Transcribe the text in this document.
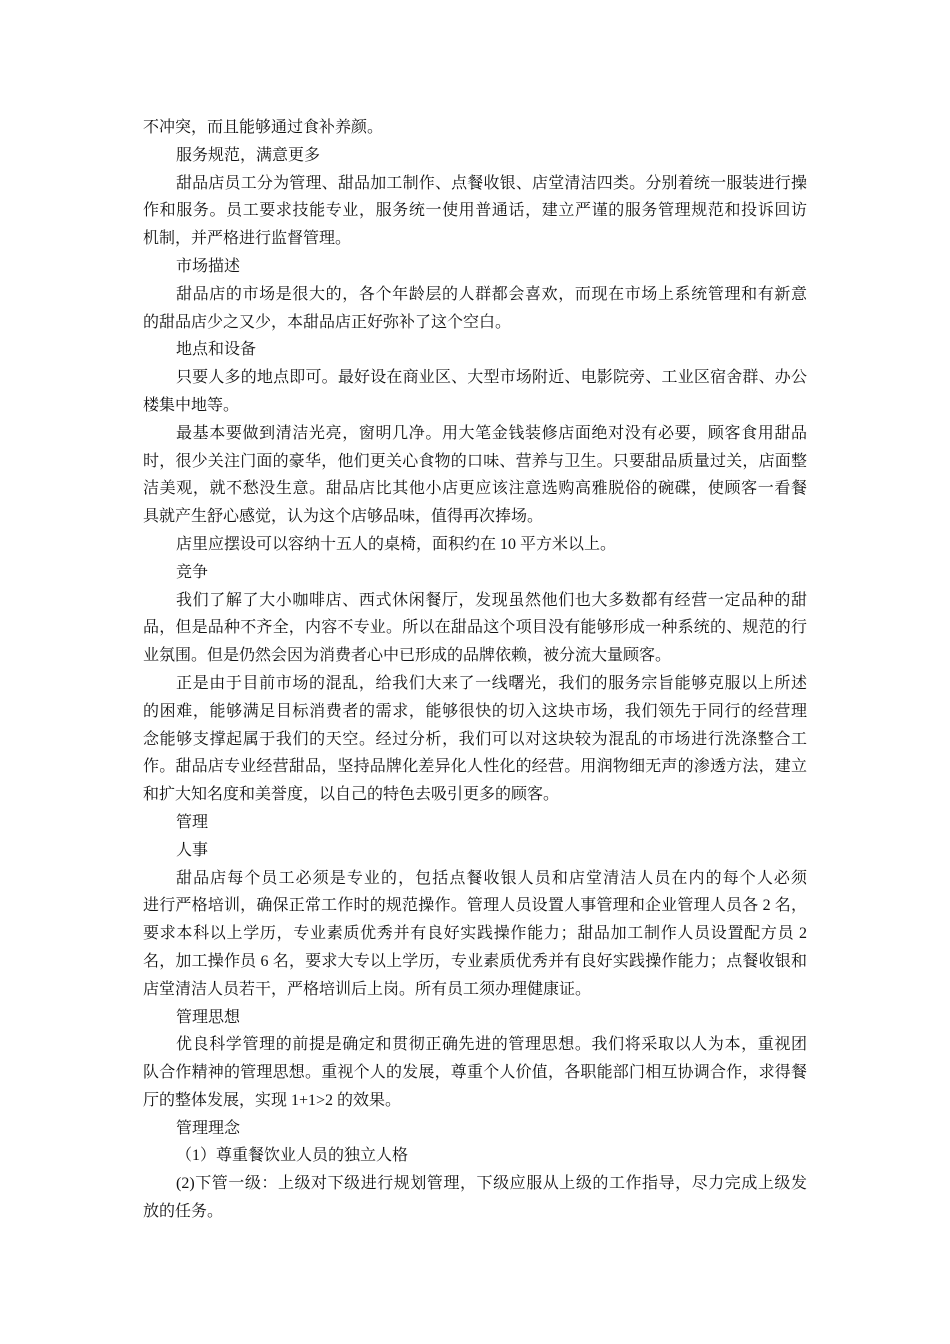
不冲突，而且能够通过食补养颜。
服务规范，满意更多
甜品店员工分为管理、甜品加工制作、点餐收银、店堂清洁四类。分别着统一服装进行操
作和服务。员工要求技能专业，服务统一使用普通话，建立严谨的服务管理规范和投诉回访
机制，并严格进行监督管理。
市场描述
甜品店的市场是很大的，各个年龄层的人群都会喜欢，而现在市场上系统管理和有新意
的甜品店少之又少，本甜品店正好弥补了这个空白。
地点和设备
只要人多的地点即可。最好设在商业区、大型市场附近、电影院旁、工业区宿舍群、办公
楼集中地等。
最基本要做到清洁光亮，窗明几净。用大笔金钱装修店面绝对没有必要，顾客食用甜品
时，很少关注门面的豪华，他们更关心食物的口味、营养与卫生。只要甜品质量过关，店面整
洁美观，就不愁没生意。甜品店比其他小店更应该注意选购高雅脱俗的碗碟，使顾客一看餐
具就产生舒心感觉，认为这个店够品味，值得再次捧场。
店里应摆设可以容纳十五人的桌椅，面积约在 10 平方米以上。
竞争
我们了解了大小咖啡店、西式休闲餐厅，发现虽然他们也大多数都有经营一定品种的甜
品，但是品种不齐全，内容不专业。所以在甜品这个项目没有能够形成一种系统的、规范的行
业氛围。但是仍然会因为消费者心中已形成的品牌依赖，被分流大量顾客。
正是由于目前市场的混乱，给我们大来了一线曙光，我们的服务宗旨能够克服以上所述
的困难，能够满足目标消费者的需求，能够很快的切入这块市场，我们领先于同行的经营理
念能够支撑起属于我们的天空。经过分析，我们可以对这块较为混乱的市场进行洗涤整合工
作。甜品店专业经营甜品，坚持品牌化差异化人性化的经营。用润物细无声的渗透方法，建立
和扩大知名度和美誉度，以自己的特色去吸引更多的顾客。
管理
人事
甜品店每个员工必须是专业的，包括点餐收银人员和店堂清洁人员在内的每个人必须
进行严格培训，确保正常工作时的规范操作。管理人员设置人事管理和企业管理人员各 2 名，
要求本科以上学历，专业素质优秀并有良好实践操作能力；甜品加工制作人员设置配方员 2
名，加工操作员 6 名，要求大专以上学历，专业素质优秀并有良好实践操作能力；点餐收银和
店堂清洁人员若干，严格培训后上岗。所有员工须办理健康证。
管理思想
优良科学管理的前提是确定和贯彻正确先进的管理思想。我们将采取以人为本，重视团
队合作精神的管理思想。重视个人的发展，尊重个人价值，各职能部门相互协调合作，求得餐
厅的整体发展，实现 1+1>2 的效果。
管理理念
（1）尊重餐饮业人员的独立人格
(2)下管一级：上级对下级进行规划管理，下级应服从上级的工作指导，尽力完成上级发
放的任务。
